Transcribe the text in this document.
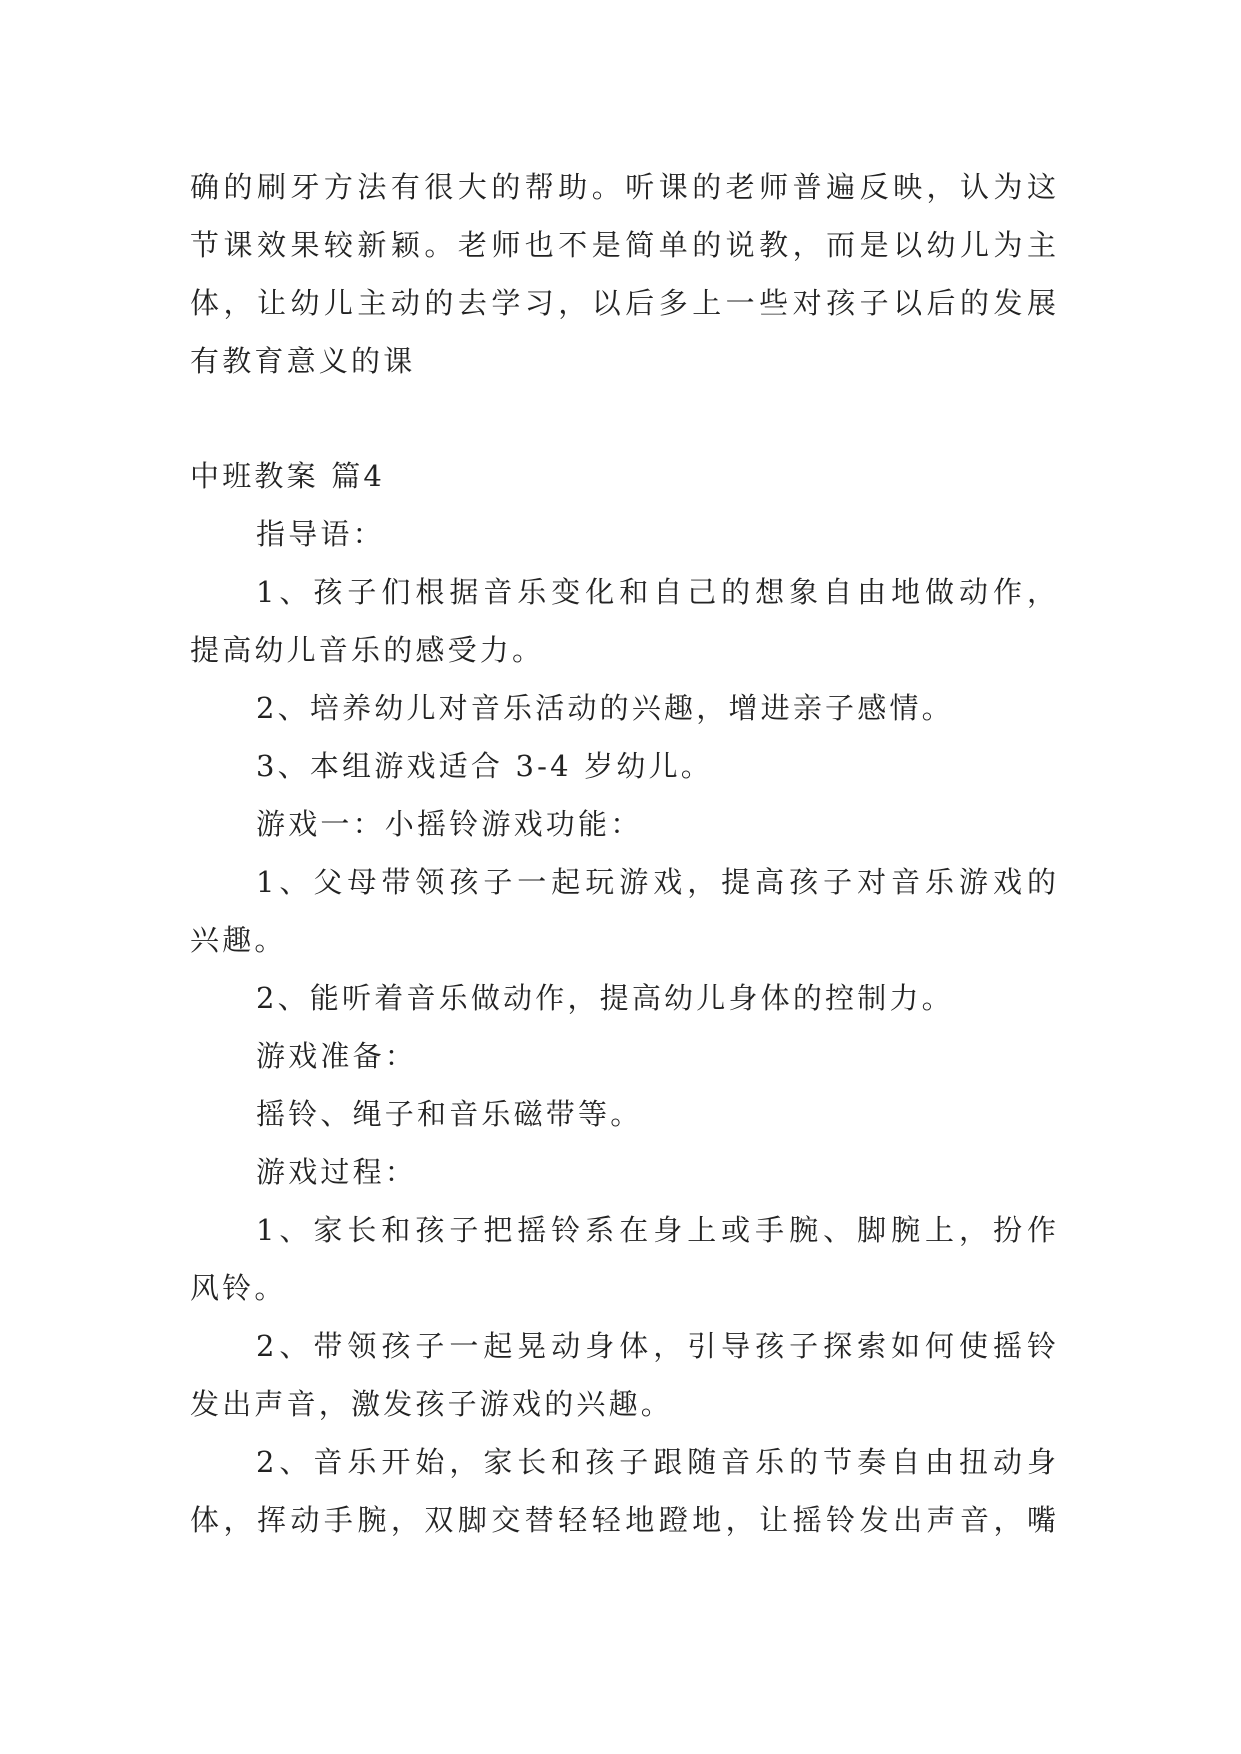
确的刷牙方法有很大的帮助。听课的老师普遍反映，认为这
节课效果较新颖。老师也不是简单的说教，而是以幼儿为主
体，让幼儿主动的去学习，以后多上一些对孩子以后的发展
有教育意义的课
中班教案 篇4
指导语：
1、孩子们根据音乐变化和自己的想象自由地做动作，
提高幼儿音乐的感受力。
2、培养幼儿对音乐活动的兴趣，增进亲子感情。
3、本组游戏适合 3-4 岁幼儿。
游戏一：小摇铃游戏功能：
1、父母带领孩子一起玩游戏，提高孩子对音乐游戏的
兴趣。
2、能听着音乐做动作，提高幼儿身体的控制力。
游戏准备：
摇铃、绳子和音乐磁带等。
游戏过程：
1、家长和孩子把摇铃系在身上或手腕、脚腕上，扮作
风铃。
2、带领孩子一起晃动身体，引导孩子探索如何使摇铃
发出声音，激发孩子游戏的兴趣。
2、音乐开始，家长和孩子跟随音乐的节奏自由扭动身
体，挥动手腕，双脚交替轻轻地蹬地，让摇铃发出声音，嘴
